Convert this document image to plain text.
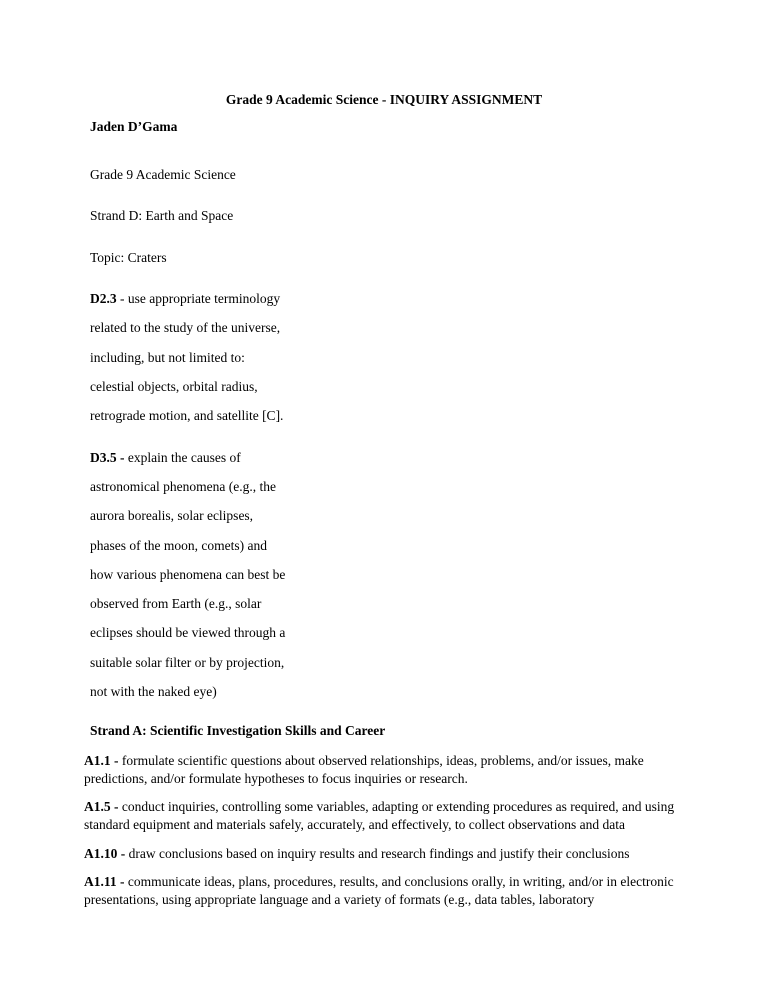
Grade 9 Academic Science - INQUIRY ASSIGNMENT
Jaden D’Gama
Grade 9 Academic Science
Strand D: Earth and Space
Topic: Craters
D2.3 - use appropriate terminology
related to the study of the universe,
including, but not limited to:
celestial objects, orbital radius,
retrograde motion, and satellite [C].
D3.5 - explain the causes of
astronomical phenomena (e.g., the
aurora borealis, solar eclipses,
phases of the moon, comets) and
how various phenomena can best be
observed from Earth (e.g., solar
eclipses should be viewed through a
suitable solar filter or by projection,
not with the naked eye)
Strand A: Scientific Investigation Skills and Career
A1.1 - formulate scientific questions about observed relationships, ideas, problems, and/or issues, make predictions, and/or formulate hypotheses to focus inquiries or research.
A1.5 - conduct inquiries, controlling some variables, adapting or extending procedures as required, and using standard equipment and materials safely, accurately, and effectively, to collect observations and data
A1.10 - draw conclusions based on inquiry results and research findings and justify their conclusions
A1.11 - communicate ideas, plans, procedures, results, and conclusions orally, in writing, and/or in electronic presentations, using appropriate language and a variety of formats (e.g., data tables, laboratory
